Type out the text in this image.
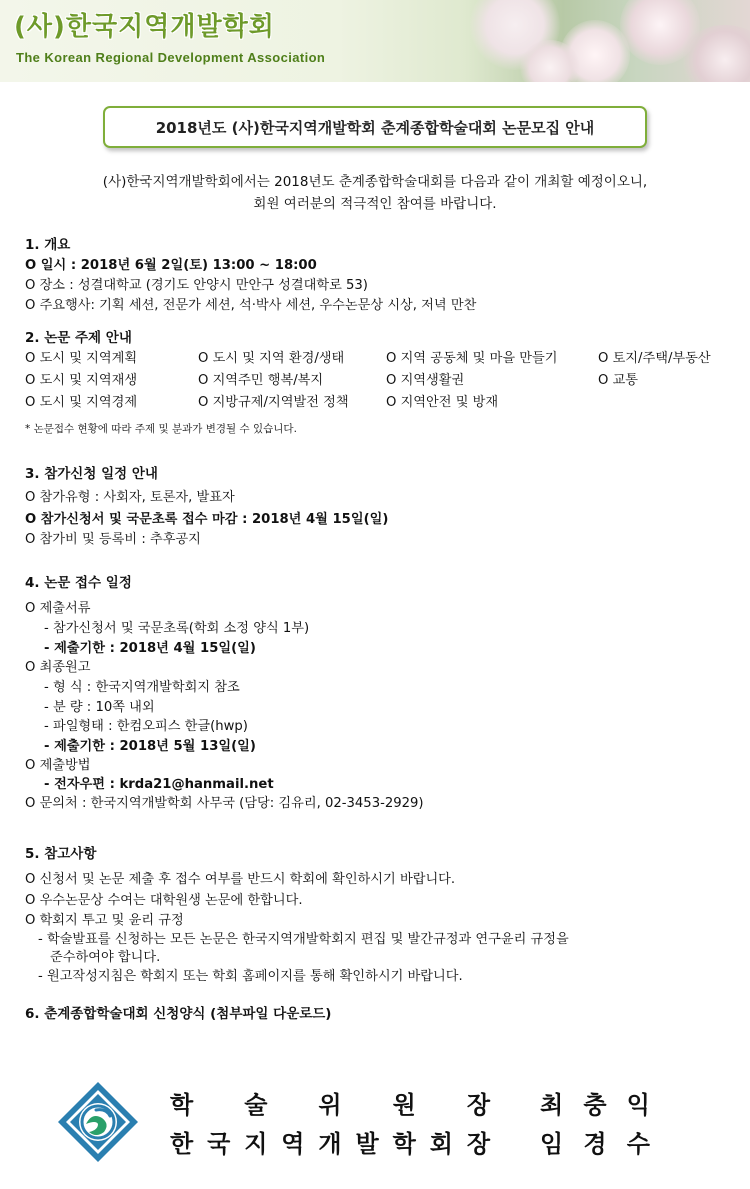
(사)한국지역개발학회
The Korean Regional Development Association
2018년도 (사)한국지역개발학회 춘계종합학술대회 논문모집 안내
(사)한국지역개발학회에서는 2018년도 춘계종합학술대회를 다음과 같이 개최할 예정이오니,
회원 여러분의 적극적인 참여를 바랍니다.
1. 개요
O 일시 : 2018년 6월 2일(토) 13:00 ~ 18:00
O 장소 : 성결대학교 (경기도 안양시 만안구 성결대학로 53)
O 주요행사: 기획 세션, 전문가 세션, 석·박사 세션, 우수논문상 시상, 저녁 만찬
2. 논문 주제 안내
O 도시 및 지역계획	O 도시 및 지역 환경/생태	O 지역 공동체 및 마을 만들기	O 토지/주택/부동산
O 도시 및 지역재생	O 지역주민 행복/복지	O 지역생활권	O 교통
O 도시 및 지역경제	O 지방규제/지역발전 정책	O 지역안전 및 방재
* 논문접수 현황에 따라 주제 및 분과가 변경될 수 있습니다.
3. 참가신청 일정 안내
O 참가유형 : 사회자, 토론자, 발표자
O 참가신청서 및 국문초록 접수 마감 : 2018년 4월 15일(일)
O 참가비 및 등록비 : 추후공지
4. 논문 접수 일정
O 제출서류
- 참가신청서 및 국문초록(학회 소정 양식 1부)
- 제출기한 : 2018년 4월 15일(일)
O 최종원고
- 형 식 : 한국지역개발학회지 참조
- 분 량 : 10쪽 내외
- 파일형태 : 한컴오피스 한글(hwp)
- 제출기한 : 2018년 5월 13일(일)
O 제출방법
- 전자우편 : krda21@hanmail.net
O 문의처 : 한국지역개발학회 사무국 (담당: 김유리, 02-3453-2929)
5. 참고사항
O 신청서 및 논문 제출 후 접수 여부를 반드시 학회에 확인하시기 바랍니다.
O 우수논문상 수여는 대학원생 논문에 한합니다.
O 학회지 투고 및 윤리 규정
- 학술발표를 신청하는 모든 논문은 한국지역개발학회지 편집 및 발간규정과 연구윤리 규정을
준수하여야 합니다.
- 원고작성지침은 학회지 또는 학회 홈페이지를 통해 확인하시기 바랍니다.
6. 춘계종합학술대회 신청양식 (첨부파일 다운로드)
학술위원장
최충익
한국지역개발학회장 임경수
